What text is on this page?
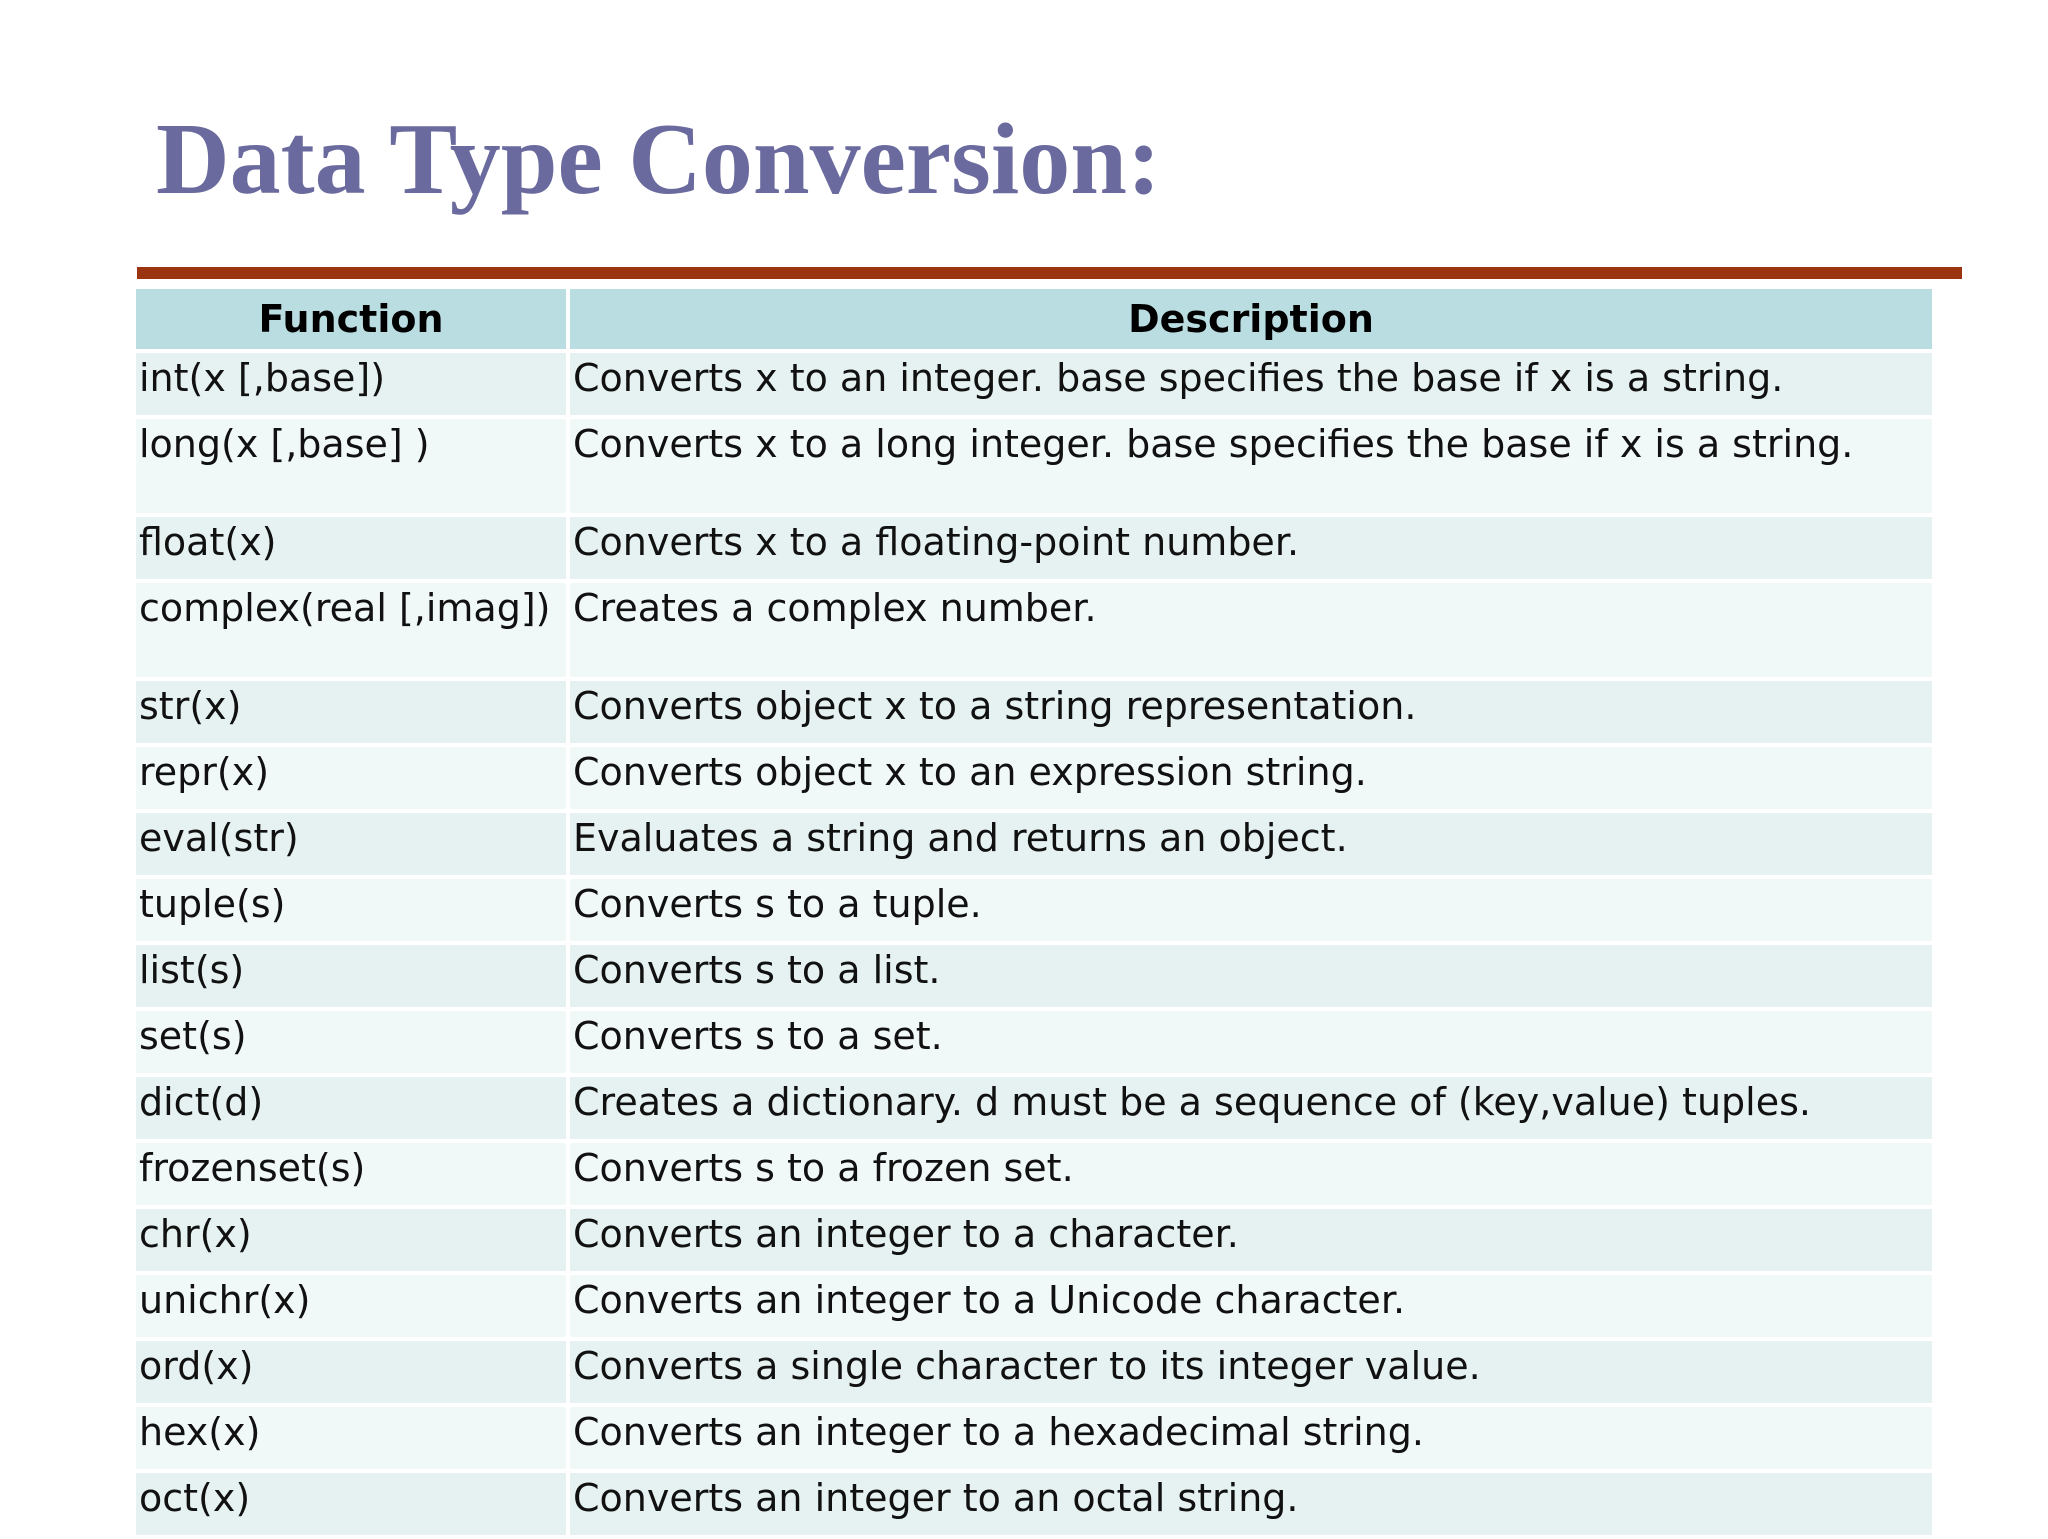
Data Type Conversion:
Function	Description
int(x [,base])	Converts x to an integer. base specifies the base if x is a string.
long(x [,base] )	Converts x to a long integer. base specifies the base if x is a string.
float(x)	Converts x to a floating-point number.
complex(real [,imag])	Creates a complex number.
str(x)	Converts object x to a string representation.
repr(x)	Converts object x to an expression string.
eval(str)	Evaluates a string and returns an object.
tuple(s)	Converts s to a tuple.
list(s)	Converts s to a list.
set(s)	Converts s to a set.
dict(d)	Creates a dictionary. d must be a sequence of (key,value) tuples.
frozenset(s)	Converts s to a frozen set.
chr(x)	Converts an integer to a character.
unichr(x)	Converts an integer to a Unicode character.
ord(x)	Converts a single character to its integer value.
hex(x)	Converts an integer to a hexadecimal string.
oct(x)	Converts an integer to an octal string.
